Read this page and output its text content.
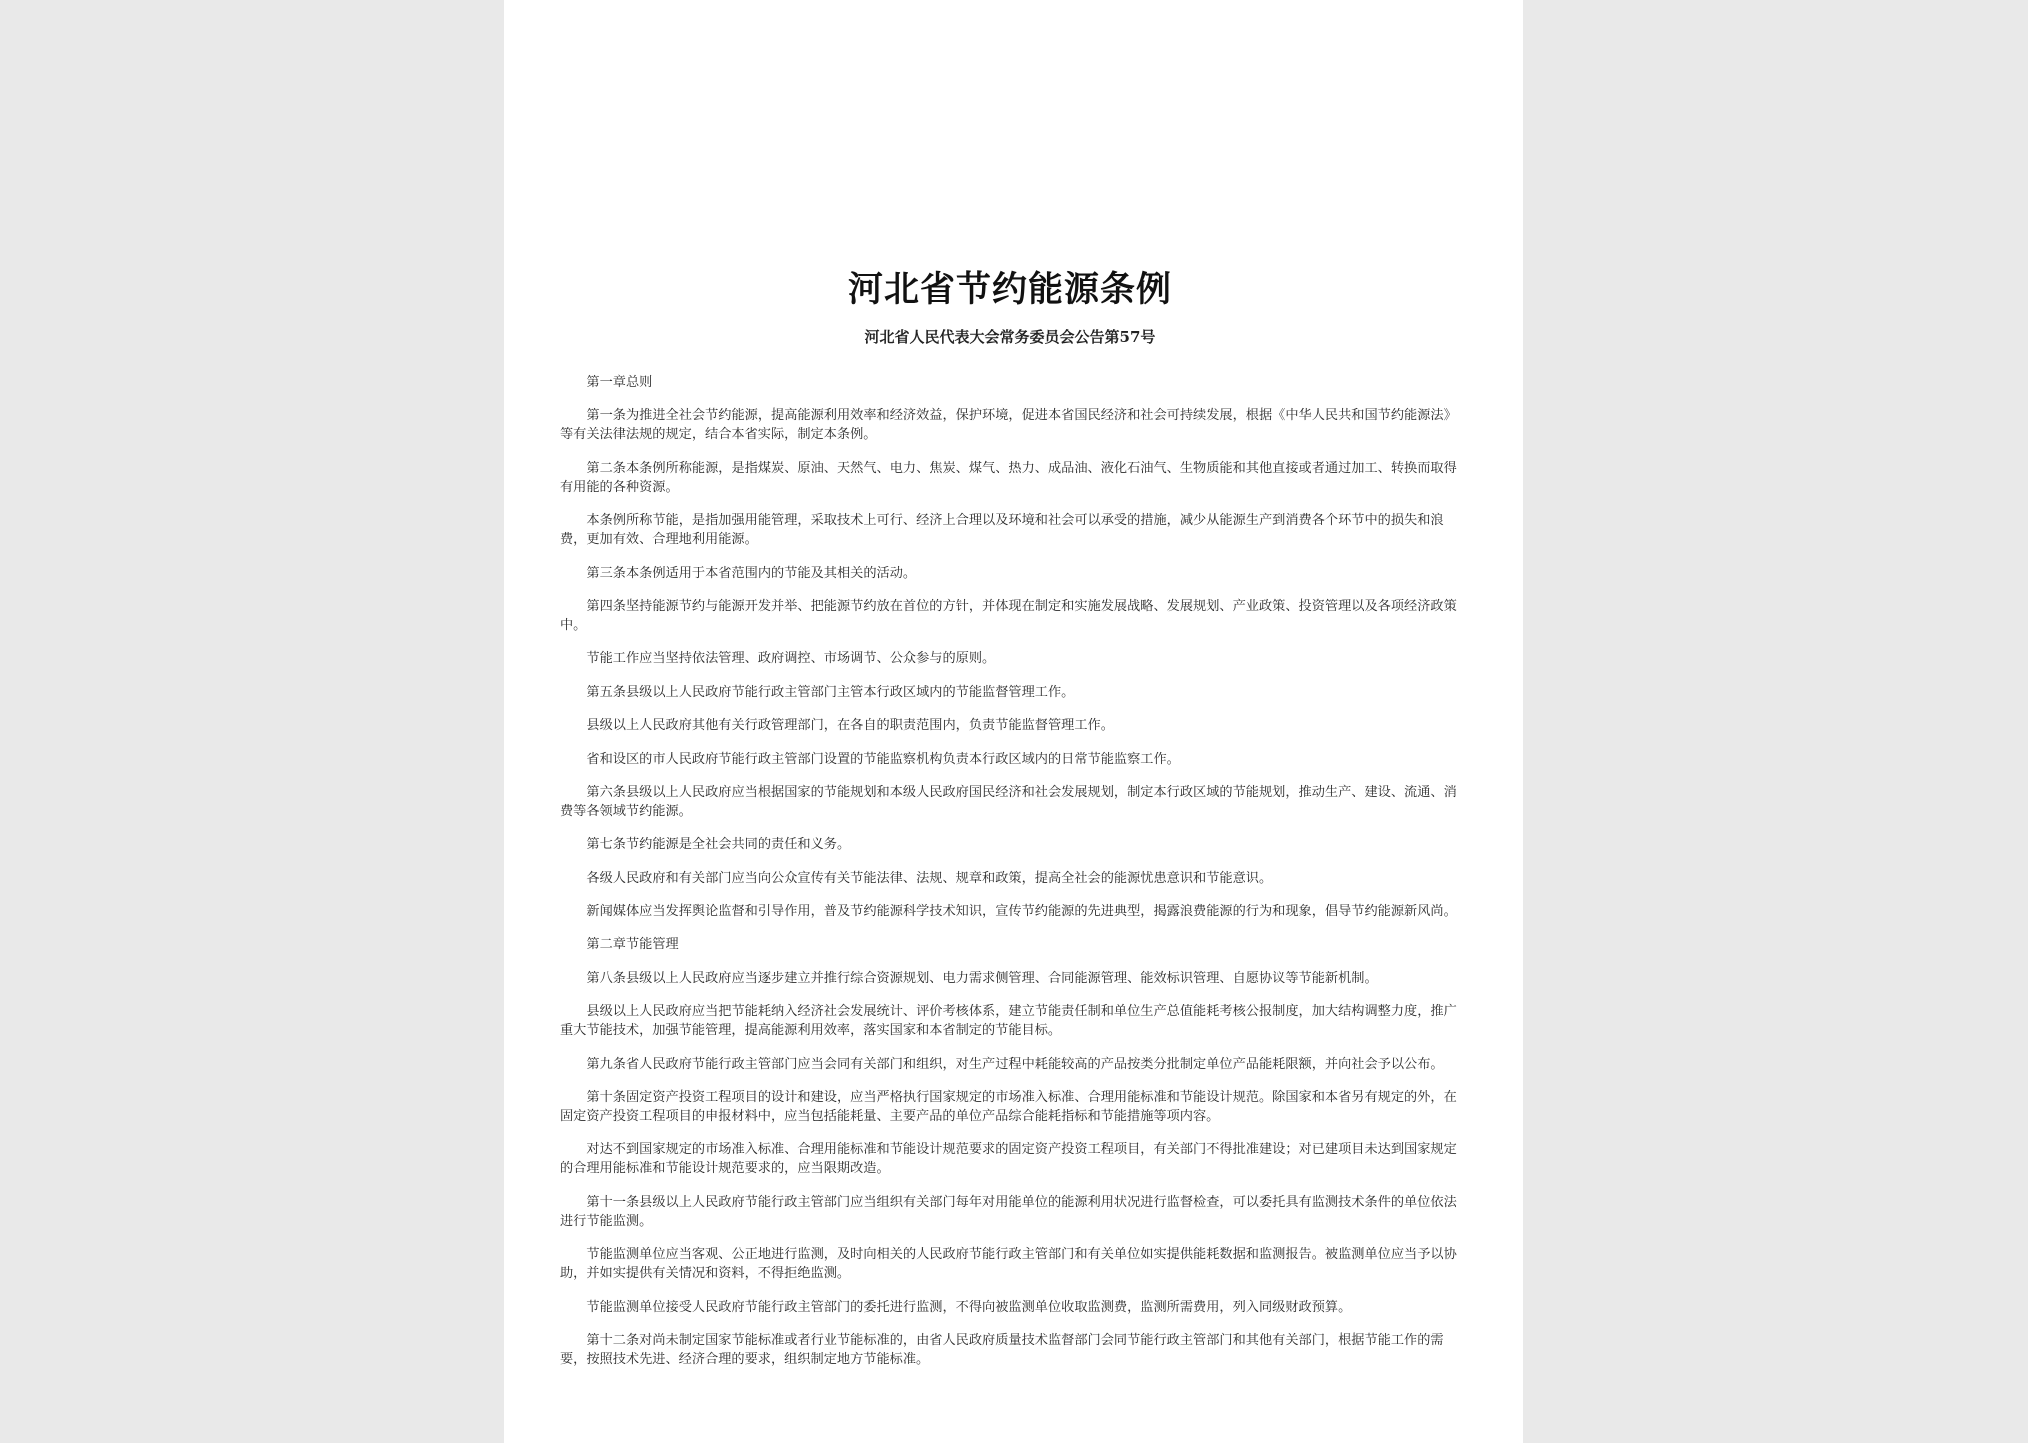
河北省节约能源条例
河北省人民代表大会常务委员会公告第57号

第一章总则

第一条为推进全社会节约能源，提高能源利用效率和经济效益，保护环境，促进本省国民经济和社会可持续发展，根据《中华人民共和国节约能源法》等有关法律法规的规定，结合本省实际，制定本条例。

第二条本条例所称能源，是指煤炭、原油、天然气、电力、焦炭、煤气、热力、成品油、液化石油气、生物质能和其他直接或者通过加工、转换而取得有用能的各种资源。

本条例所称节能，是指加强用能管理，采取技术上可行、经济上合理以及环境和社会可以承受的措施，减少从能源生产到消费各个环节中的损失和浪费，更加有效、合理地利用能源。

第三条本条例适用于本省范围内的节能及其相关的活动。

第四条坚持能源节约与能源开发并举、把能源节约放在首位的方针，并体现在制定和实施发展战略、发展规划、产业政策、投资管理以及各项经济政策中。

节能工作应当坚持依法管理、政府调控、市场调节、公众参与的原则。

第五条县级以上人民政府节能行政主管部门主管本行政区域内的节能监督管理工作。

县级以上人民政府其他有关行政管理部门，在各自的职责范围内，负责节能监督管理工作。

省和设区的市人民政府节能行政主管部门设置的节能监察机构负责本行政区域内的日常节能监察工作。

第六条县级以上人民政府应当根据国家的节能规划和本级人民政府国民经济和社会发展规划，制定本行政区域的节能规划，推动生产、建设、流通、消费等各领域节约能源。

第七条节约能源是全社会共同的责任和义务。

各级人民政府和有关部门应当向公众宣传有关节能法律、法规、规章和政策，提高全社会的能源忧患意识和节能意识。

新闻媒体应当发挥舆论监督和引导作用，普及节约能源科学技术知识，宣传节约能源的先进典型，揭露浪费能源的行为和现象，倡导节约能源新风尚。

第二章节能管理

第八条县级以上人民政府应当逐步建立并推行综合资源规划、电力需求侧管理、合同能源管理、能效标识管理、自愿协议等节能新机制。

县级以上人民政府应当把节能耗纳入经济社会发展统计、评价考核体系，建立节能责任制和单位生产总值能耗考核公报制度，加大结构调整力度，推广重大节能技术，加强节能管理，提高能源利用效率，落实国家和本省制定的节能目标。

第九条省人民政府节能行政主管部门应当会同有关部门和组织，对生产过程中耗能较高的产品按类分批制定单位产品能耗限额，并向社会予以公布。

第十条固定资产投资工程项目的设计和建设，应当严格执行国家规定的市场准入标准、合理用能标准和节能设计规范。除国家和本省另有规定的外，在固定资产投资工程项目的申报材料中，应当包括能耗量、主要产品的单位产品综合能耗指标和节能措施等项内容。

对达不到国家规定的市场准入标准、合理用能标准和节能设计规范要求的固定资产投资工程项目，有关部门不得批准建设；对已建项目未达到国家规定的合理用能标准和节能设计规范要求的，应当限期改造。

第十一条县级以上人民政府节能行政主管部门应当组织有关部门每年对用能单位的能源利用状况进行监督检查，可以委托具有监测技术条件的单位依法进行节能监测。

节能监测单位应当客观、公正地进行监测，及时向相关的人民政府节能行政主管部门和有关单位如实提供能耗数据和监测报告。被监测单位应当予以协助，并如实提供有关情况和资料，不得拒绝监测。

节能监测单位接受人民政府节能行政主管部门的委托进行监测，不得向被监测单位收取监测费，监测所需费用，列入同级财政预算。

第十二条对尚未制定国家节能标准或者行业节能标准的，由省人民政府质量技术监督部门会同节能行政主管部门和其他有关部门，根据节能工作的需要，按照技术先进、经济合理的要求，组织制定地方节能标准。
